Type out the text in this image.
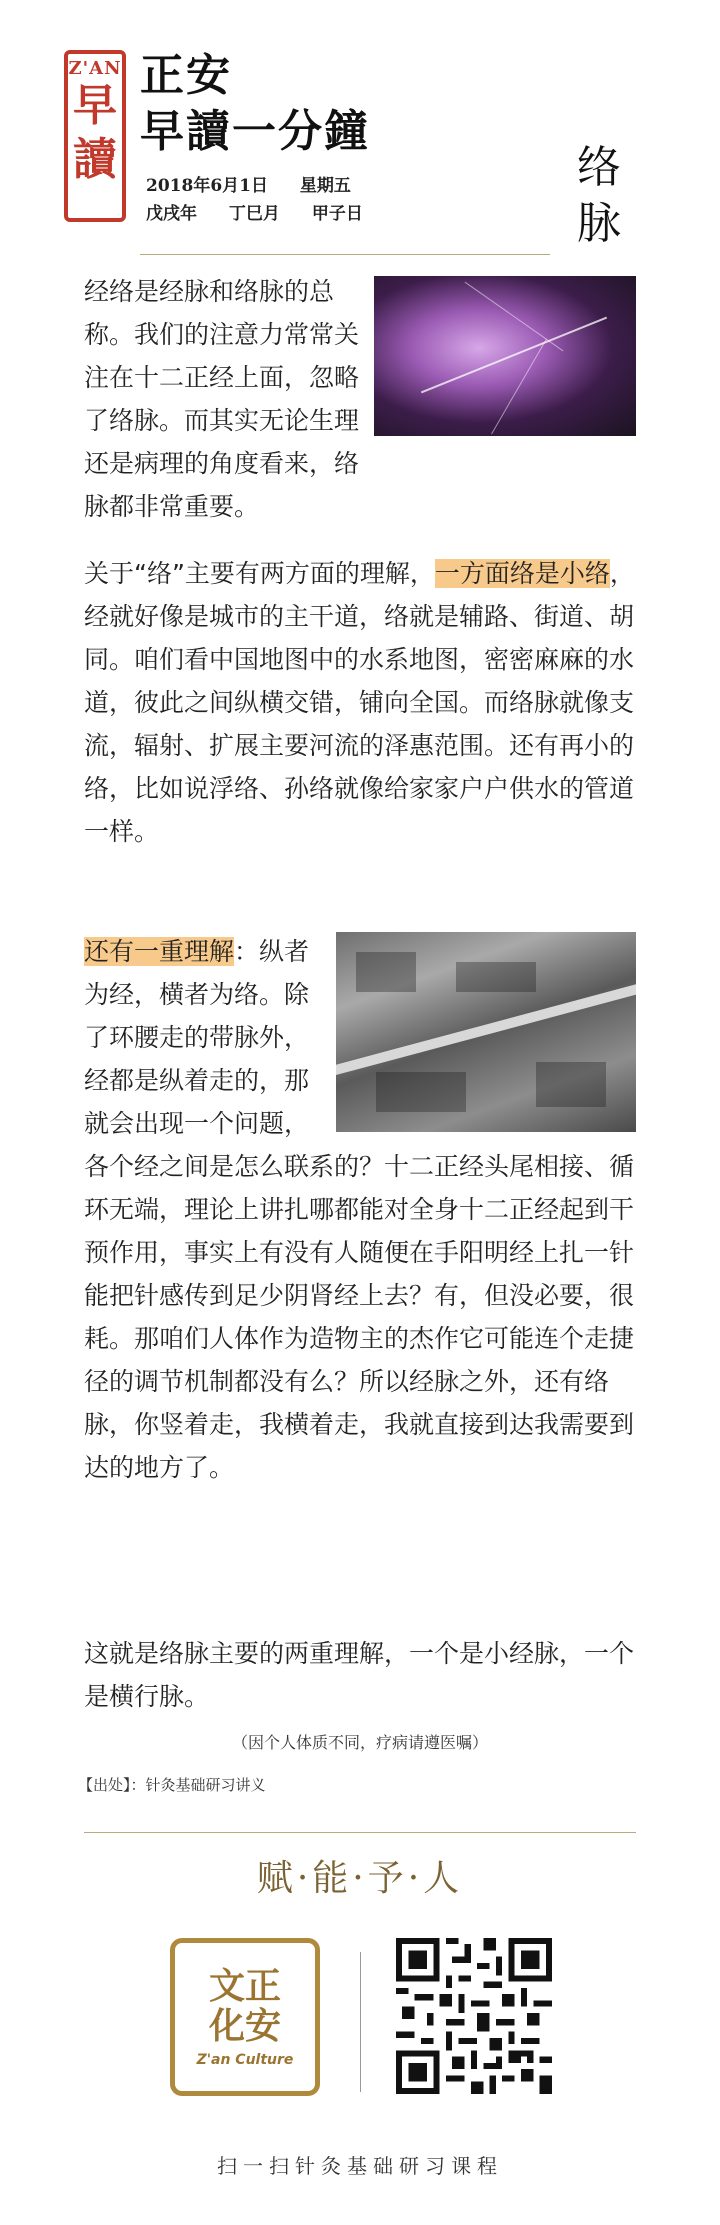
Z'AN
早
讀
正安
早讀一分鐘
2018年6月1日 星期五
戊戌年 丁巳月 甲子日
络
脉
经络是经脉和络脉的总称。我们的注意力常常关注在十二正经上面，忽略了络脉。而其实无论生理还是病理的角度看来，络脉都非常重要。
关于“络”主要有两方面的理解，一方面络是小络，经就好像是城市的主干道，络就是辅路、街道、胡同。咱们看中国地图中的水系地图，密密麻麻的水道，彼此之间纵横交错，铺向全国。而络脉就像支流，辐射、扩展主要河流的泽惠范围。还有再小的络，比如说浮络、孙络就像给家家户户供水的管道一样。
还有一重理解：纵者为经，横者为络。除了环腰走的带脉外，经都是纵着走的，那就会出现一个问题，各个经之间是怎么联系的？十二正经头尾相接、循环无端，理论上讲扎哪都能对全身十二正经起到干预作用，事实上有没有人随便在手阳明经上扎一针能把针感传到足少阴肾经上去？有，但没必要，很耗。那咱们人体作为造物主的杰作它可能连个走捷径的调节机制都没有么？所以经脉之外，还有络脉，你竖着走，我横着走，我就直接到达我需要到达的地方了。
这就是络脉主要的两重理解，一个是小经脉，一个是横行脉。
（因个人体质不同，疗病请遵医嘱）
【出处】：针灸基础研习讲义
赋·能·予·人
文正
化安
Z'an Culture
扫一扫针灸基础研习课程
